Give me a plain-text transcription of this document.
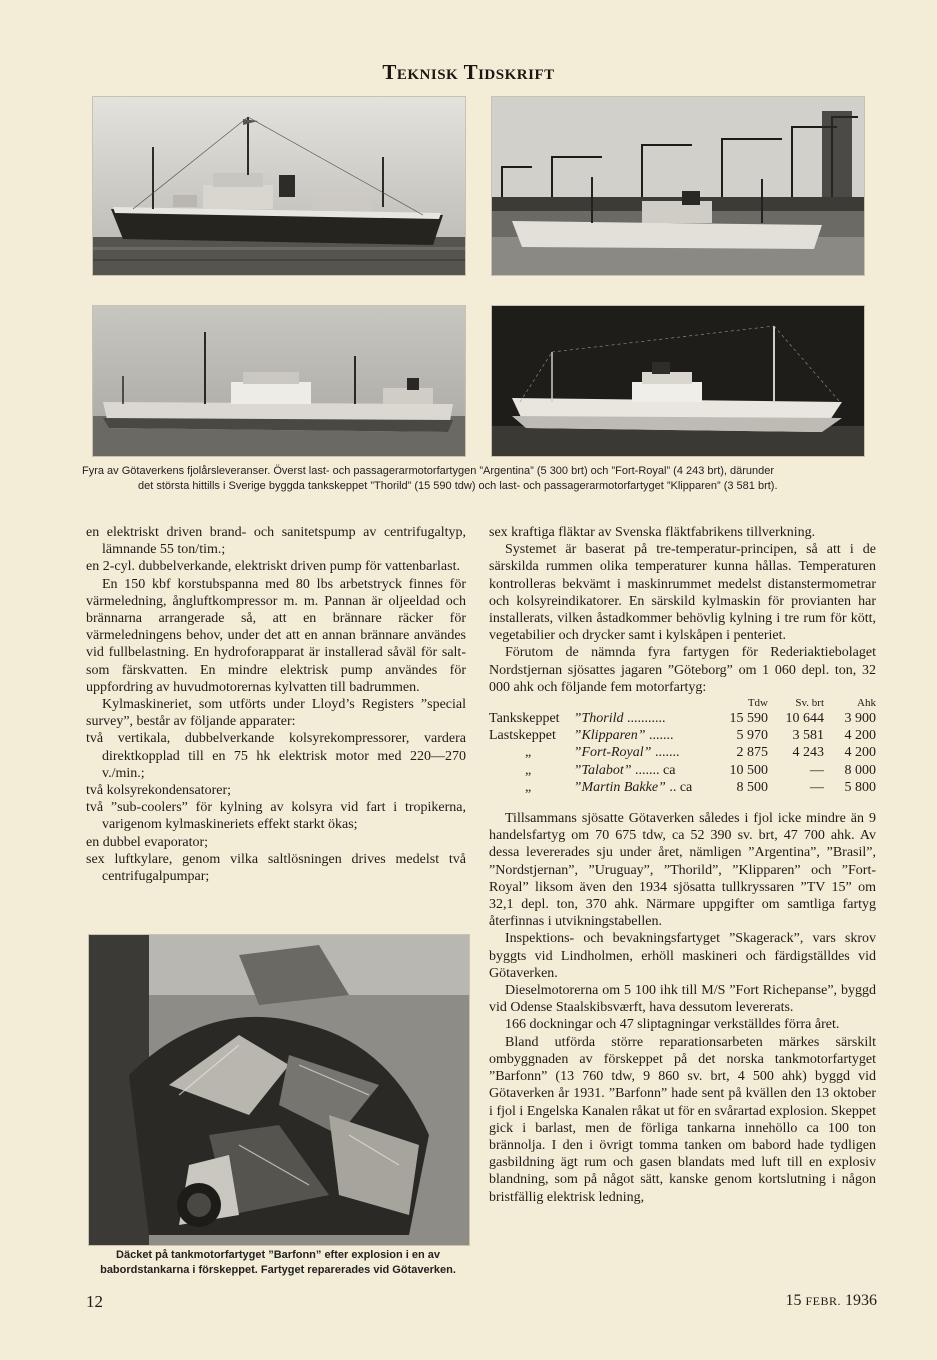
Teknisk Tidskrift
Fyra av Götaverkens fjolårsleveranser. Överst last- och passagerarmotorfartygen ”Argentina” (5 300 brt) och ”Fort-Royal” (4 243 brt), därunder
det största hittills i Sverige byggda tankskeppet ”Thorild” (15 590 tdw) och last- och passagerarmotorfartyget ”Klipparen” (3 581 brt).

en elektriskt driven brand- och sanitetspump av centrifugaltyp, lämnande 55 ton/tim.;

en 2-cyl. dubbelverkande, elektriskt driven pump för vattenbarlast.

En 150 kbf korstubspanna med 80 lbs arbetstryck finnes för värmeledning, ångluftkompressor m. m. Pannan är oljeeldad och brännarna arrangerade så, att en brännare räcker för värmeledningens behov, under det att en annan brännare användes vid fullbelastning. En hydroforapparat är installerad såväl för salt- som färskvatten. En mindre elektrisk pump användes för uppfordring av huvudmotorernas kylvatten till badrummen.

Kylmaskineriet, som utförts under Lloyd’s Registers ”special survey”, består av följande apparater:

två vertikala, dubbelverkande kolsyrekompressorer, vardera direktkopplad till en 75 hk elektrisk motor med 220—270 v./min.;

två kolsyrekondensatorer;

två ”sub-coolers” för kylning av kolsyra vid fart i tropikerna, varigenom kylmaskineriets effekt starkt ökas;

en dubbel evaporator;

sex luftkylare, genom vilka saltlösningen drives medelst två centrifugalpumpar;

Däcket på tankmotorfartyget ”Barfonn” efter explosion i en av babordstankarna i förskeppet. Fartyget reparerades vid Götaverken.

sex kraftiga fläktar av Svenska fläktfabrikens tillverkning.

Systemet är baserat på tre-temperatur-principen, så att i de särskilda rummen olika temperaturer kunna hållas. Temperaturen kontrolleras bekvämt i maskinrummet medelst distanstermometrar och kolsyreindikatorer. En särskild kylmaskin för provianten har installerats, vilken åstadkommer behövlig kylning i tre rum för kött, vegetabilier och drycker samt i kylskåpen i penteriet.

Förutom de nämnda fyra fartygen för Rederiaktiebolaget Nordstjernan sjösattes jagaren ”Göteborg” om 1 060 depl. ton, 32 000 ahk och följande fem motorfartyg:

		Tdw	Sv. brt	Ahk
Tankskeppet	”Thorild ...........	15 590	10 644	3 900
Lastskeppet	”Klipparen” .......	5 970	3 581	4 200
„	”Fort-Royal” .......	2 875	4 243	4 200
„	”Talabot” ....... ca	10 500	—	8 000
„	”Martin Bakke” .. ca	8 500	—	5 800

Tillsammans sjösatte Götaverken således i fjol icke mindre än 9 handelsfartyg om 70 675 tdw, ca 52 390 sv. brt, 47 700 ahk. Av dessa levererades sju under året, nämligen ”Argentina”, ”Brasil”, ”Nordstjernan”, ”Uruguay”, ”Thorild”, ”Klipparen” och ”Fort-Royal” liksom även den 1934 sjösatta tullkryssaren ”TV 15” om 32,1 depl. ton, 370 ahk. Närmare uppgifter om samtliga fartyg återfinnas i utvikningstabellen.

Inspektions- och bevakningsfartyget ”Skagerack”, vars skrov byggts vid Lindholmen, erhöll maskineri och färdigställdes vid Götaverken.

Dieselmotorerna om 5 100 ihk till M/S ”Fort Richepanse”, byggd vid Odense Staalskibsværft, hava dessutom levererats.

166 dockningar och 47 sliptagningar verkställdes förra året.

Bland utförda större reparationsarbeten märkes särskilt ombyggnaden av förskeppet på det norska tankmotorfartyget ”Barfonn” (13 760 tdw, 9 860 sv. brt, 4 500 ahk) byggd vid Götaverken år 1931. ”Barfonn” hade sent på kvällen den 13 oktober i fjol i Engelska Kanalen råkat ut för en svårartad explosion. Skeppet gick i barlast, men de förliga tankarna innehöllo ca 100 ton brännolja. I den i övrigt tomma tanken om babord hade tydligen gasbildning ägt rum och gasen blandats med luft till en explosiv blandning, som på något sätt, kanske genom kortslutning i någon bristfällig elektrisk ledning,

12	15 FEBR. 1936
